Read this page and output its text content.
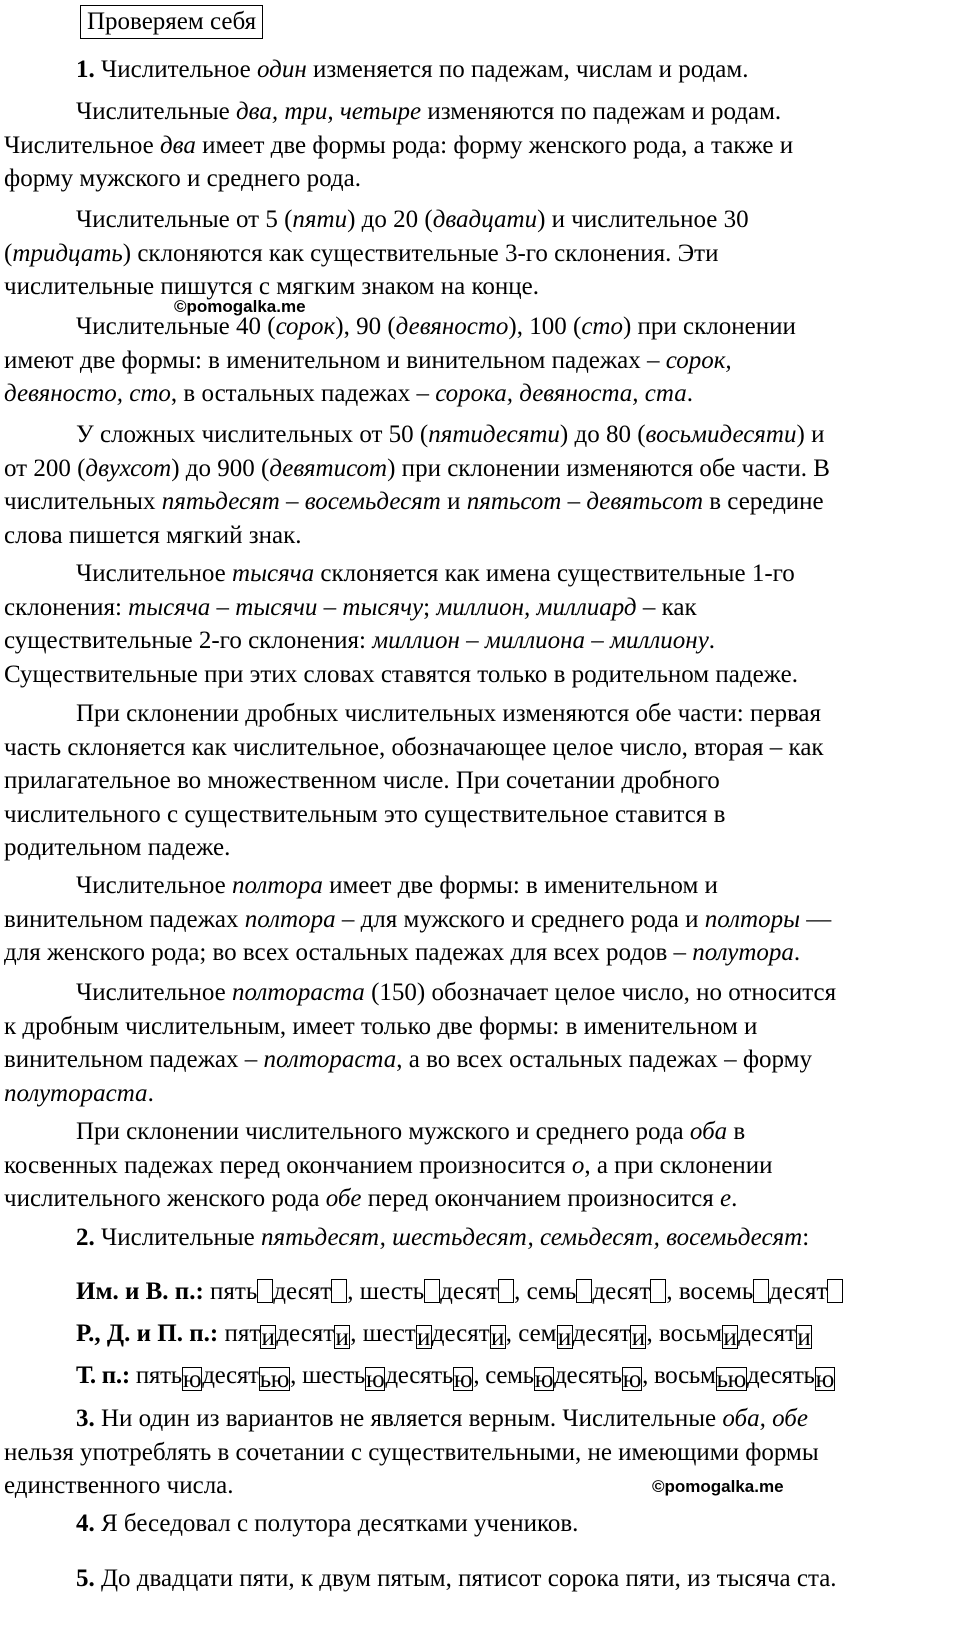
Проверяем себя
1. Числительное один изменяется по падежам, числам и родам.
Числительные два, три, четыре изменяются по падежам и родам.
Числительное два имеет две формы рода: форму женского рода, а также и
форму мужского и среднего рода.
Числительные от 5 (пяти) до 20 (двадцати) и числительное 30
(тридцать) склоняются как существительные 3-го склонения. Эти
числительные пишутся с мягким знаком на конце.
©pomogalka.me
Числительные 40 (сорок), 90 (девяносто), 100 (сто) при склонении
имеют две формы: в именительном и винительном падежах – сорок,
девяносто, сто, в остальных падежах – сорока, девяноста, ста.
У сложных числительных от 50 (пятидесяти) до 80 (восьмидесяти) и
от 200 (двухсот) до 900 (девятисот) при склонении изменяются обе части. В
числительных пятьдесят – восемьдесят и пятьсот – девятьсот в середине
слова пишется мягкий знак.
Числительное тысяча склоняется как имена существительные 1-го
склонения: тысяча – тысячи – тысячу; миллион, миллиард – как
существительные 2-го склонения: миллион – миллиона – миллиону.
Существительные при этих словах ставятся только в родительном падеже.
При склонении дробных числительных изменяются обе части: первая
часть склоняется как числительное, обозначающее целое число, вторая – как
прилагательное во множественном числе. При сочетании дробного
числительного с существительным это существительное ставится в
родительном падеже.
Числительное полтора имеет две формы: в именительном и
винительном падежах полтора – для мужского и среднего рода и полторы —
для женского рода; во всех остальных падежах для всех родов – полутора.
Числительное полтораста (150) обозначает целое число, но относится
к дробным числительным, имеет только две формы: в именительном и
винительном падежах – полтораста, а во всех остальных падежах – форму
полутораста.
При склонении числительного мужского и среднего рода оба в
косвенных падежах перед окончанием произносится о, а при склонении
числительного женского рода обе перед окончанием произносится е.
2. Числительные пятьдесят, шестьдесят, семьдесят, восемьдесят:
Им. и В. п.: пять десят , шесть десят , семь десят , восемь десят
Р., Д. и П. п.: пятидесяти, шестидесяти, семидесяти, восьмидесяти
Т. п.: пятьюдесятью, шестьюдесятью, семьюдесятью, восьмьюдесятью
3. Ни один из вариантов не является верным. Числительные оба, обе
нельзя употреблять в сочетании с существительными, не имеющими формы
единственного числа.	©pomogalka.me
4. Я беседовал с полутора десятками учеников.
5. До двадцати пяти, к двум пятым, пятисот сорока пяти, из тысяча ста.
